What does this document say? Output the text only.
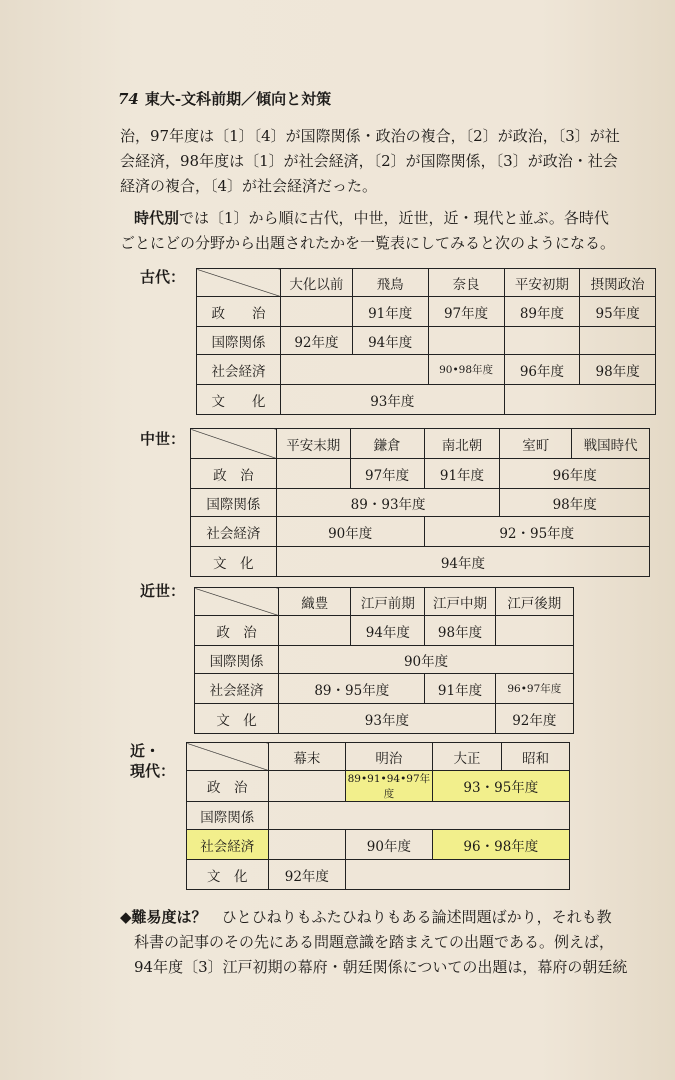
74 東大-文科前期／傾向と対策
治，97年度は〔1〕〔4〕が国際関係・政治の複合，〔2〕が政治，〔3〕が社
会経済，98年度は〔1〕が社会経済，〔2〕が国際関係，〔3〕が政治・社会
経済の複合，〔4〕が社会経済だった。
時代別では〔1〕から順に古代，中世，近世，近・現代と並ぶ。各時代
ごとにどの分野から出題されたかを一覧表にしてみると次のようになる。
古代：
		大化以前	飛鳥	奈良	平安初期	摂関政治
政　　治		91年度	97年度	89年度	95年度
国際関係	92年度	94年度			
社会経済			90•98年度	96年度	98年度
文　　化	93年度				
中世：
		平安末期	鎌倉	南北朝	室町	戦国時代
政　治		97年度	91年度	96年度	
国際関係	89・93年度			98年度	
社会経済	90年度		92・95年度		
文　化	94年度				
近世：
	織豊	江戸前期	江戸中期	江戸後期
政　治		94年度	98年度	
国際関係	90年度			
社会経済	89・95年度		91年度	96•97年度
文　化	93年度			92年度
近・
現代：
	幕末	明治	大正	昭和
政　治		89•91•94•97年度	93・95年度	
国際関係				
社会経済		90年度	96・98年度	
文　化	92年度			
◆難易度は？　 ひとひねりもふたひねりもある論述問題ばかり，それも教
科書の記事のその先にある問題意識を踏まえての出題である。例えば，
94年度〔3〕江戸初期の幕府・朝廷関係についての出題は，幕府の朝廷統
